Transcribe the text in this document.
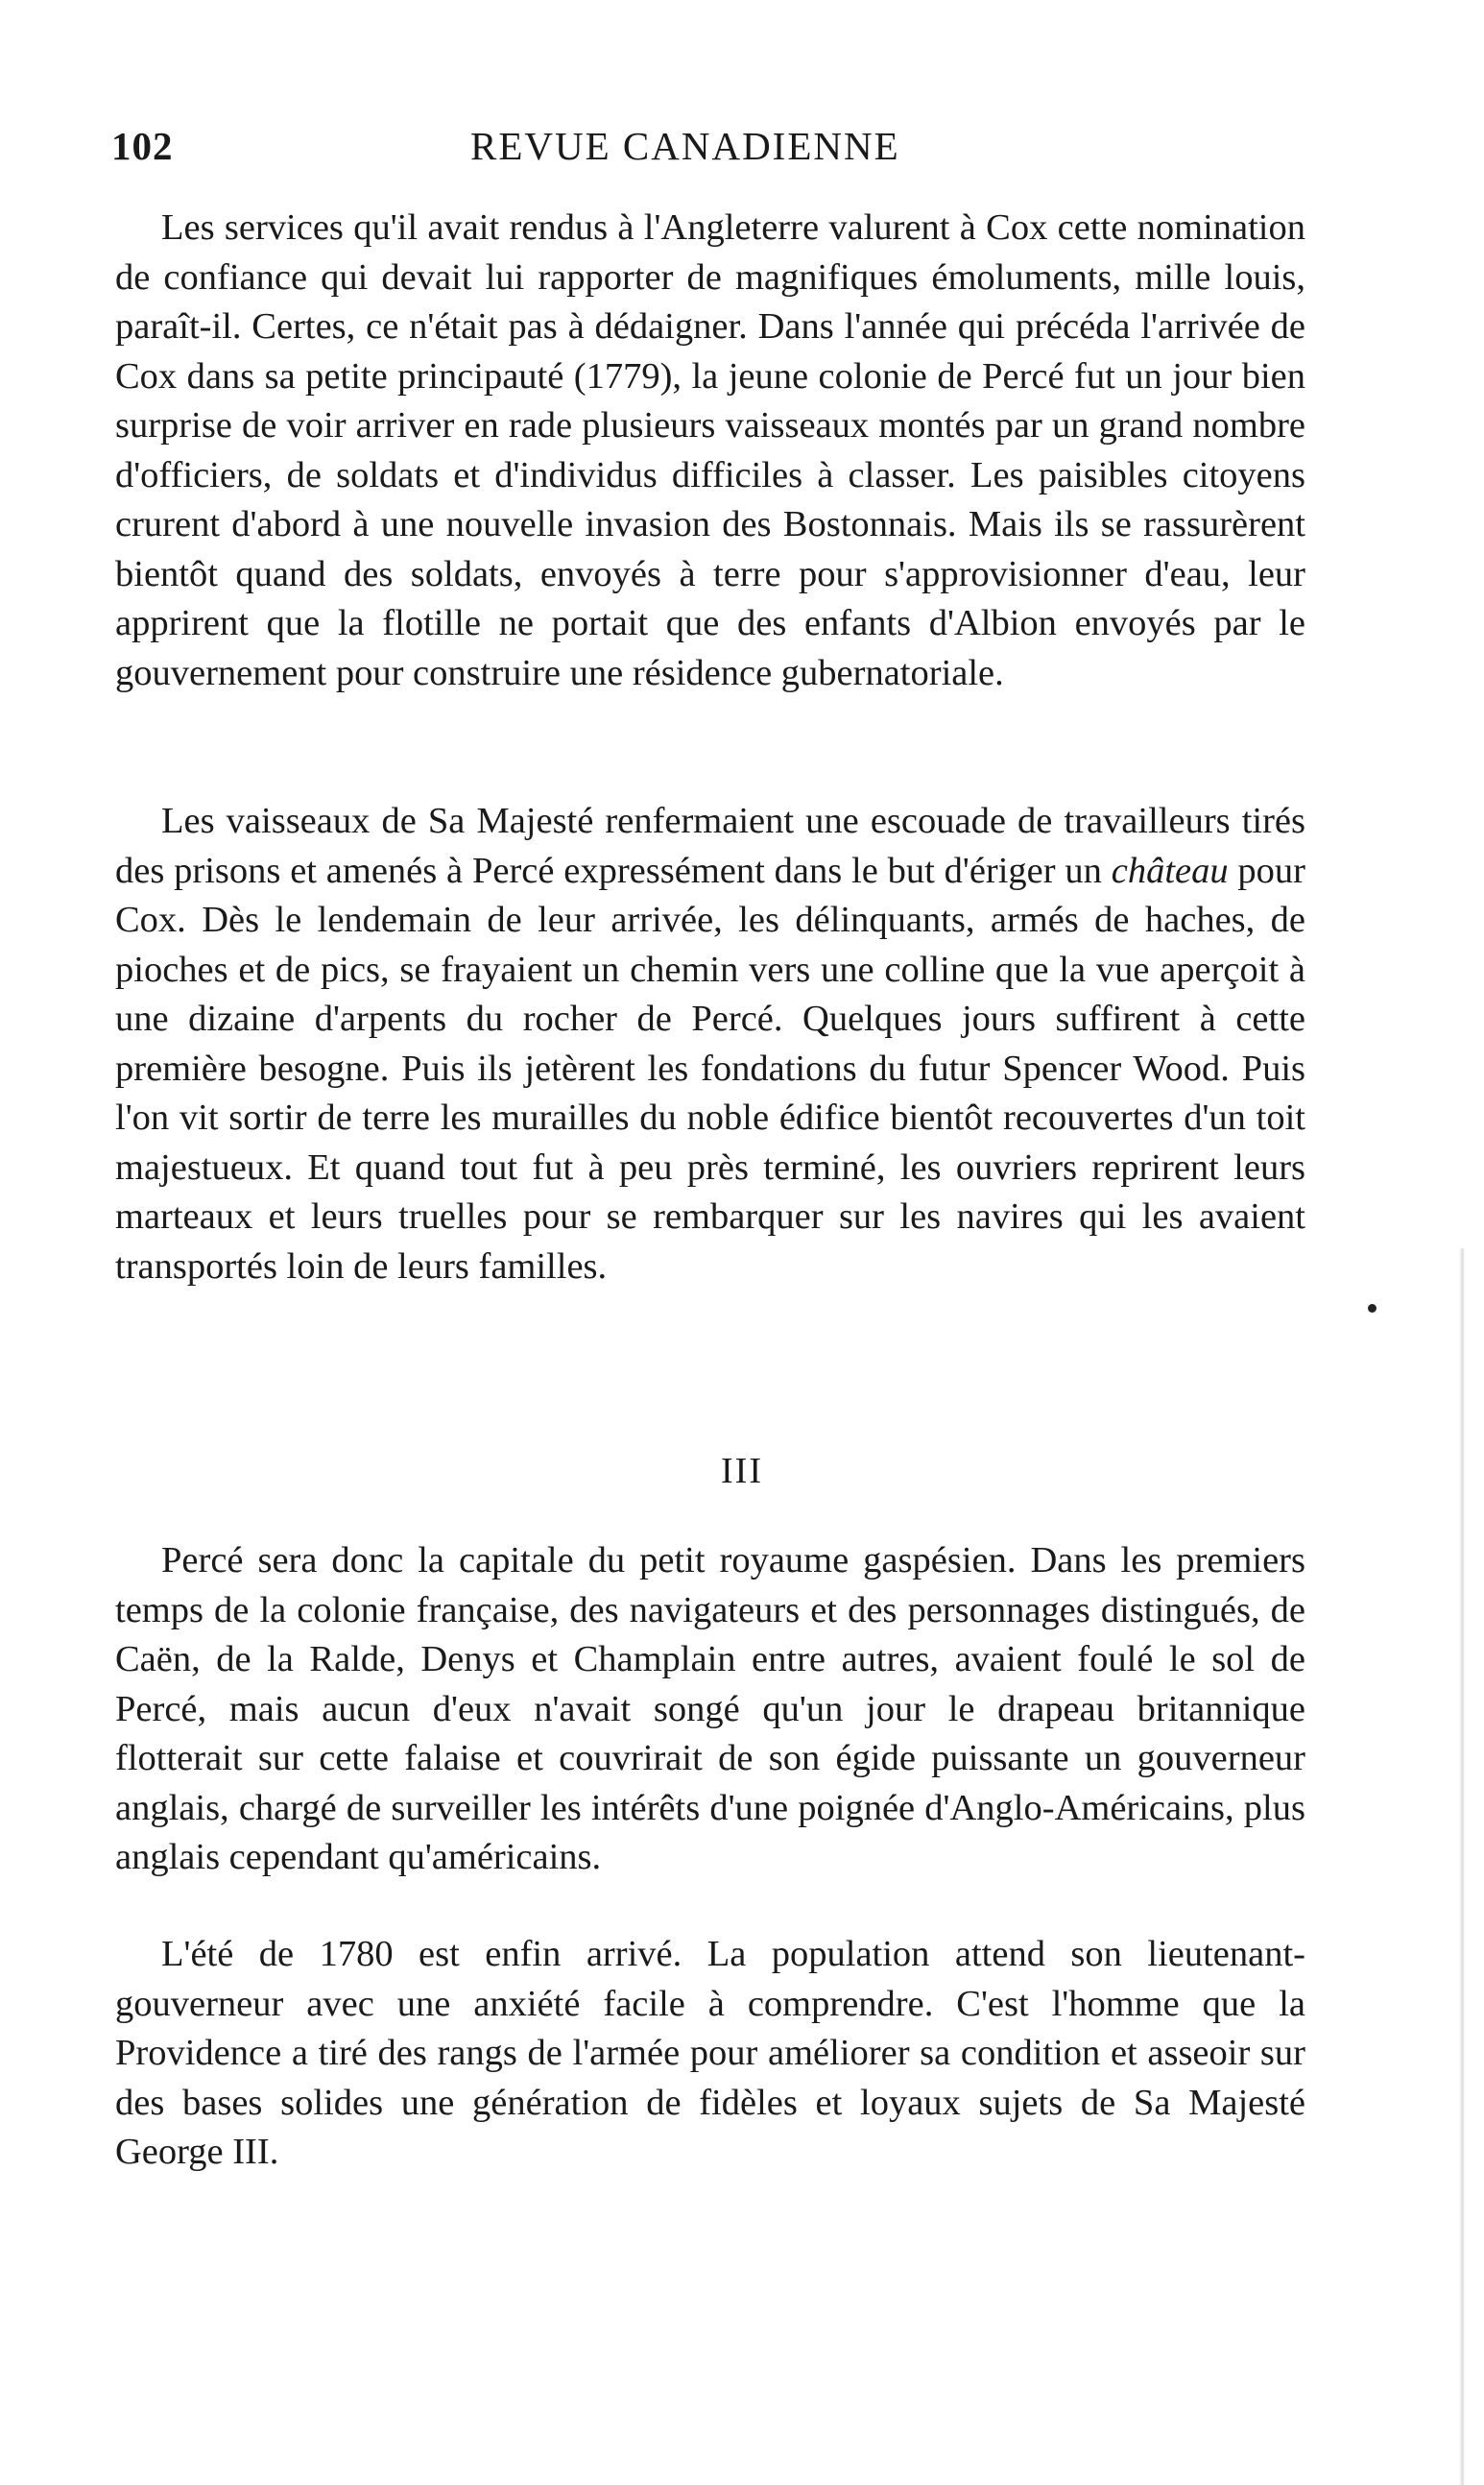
102	REVUE CANADIENNE

Les services qu'il avait rendus à l'Angleterre valurent à Cox cette nomination de confiance qui devait lui rapporter de magnifiques émoluments, mille louis, paraît-il. Certes, ce n'était pas à dédaigner. Dans l'année qui précéda l'arrivée de Cox dans sa petite principauté (1779), la jeune colonie de Percé fut un jour bien surprise de voir arriver en rade plusieurs vaisseaux montés par un grand nombre d'officiers, de soldats et d'individus difficiles à classer. Les paisibles citoyens crurent d'abord à une nouvelle invasion des Bostonnais. Mais ils se rassurèrent bientôt quand des soldats, envoyés à terre pour s'approvisionner d'eau, leur apprirent que la flotille ne portait que des enfants d'Albion envoyés par le gouvernement pour construire une résidence gubernatoriale.

Les vaisseaux de Sa Majesté renfermaient une escouade de travailleurs tirés des prisons et amenés à Percé expressément dans le but d'ériger un château pour Cox. Dès le lendemain de leur arrivée, les délinquants, armés de haches, de pioches et de pics, se frayaient un chemin vers une colline que la vue aperçoit à une dizaine d'arpents du rocher de Percé. Quelques jours suffirent à cette première besogne. Puis ils jetèrent les fondations du futur Spencer Wood. Puis l'on vit sortir de terre les murailles du noble édifice bientôt recouvertes d'un toit majestueux. Et quand tout fut à peu près terminé, les ouvriers reprirent leurs marteaux et leurs truelles pour se rembarquer sur les navires qui les avaient transportés loin de leurs familles.

III

Percé sera donc la capitale du petit royaume gaspésien. Dans les premiers temps de la colonie française, des navigateurs et des personnages distingués, de Caën, de la Ralde, Denys et Champlain entre autres, avaient foulé le sol de Percé, mais aucun d'eux n'avait songé qu'un jour le drapeau britannique flotterait sur cette falaise et couvrirait de son égide puissante un gouverneur anglais, chargé de surveiller les intérêts d'une poignée d'Anglo-Américains, plus anglais cependant qu'américains.

L'été de 1780 est enfin arrivé. La population attend son lieutenant-gouverneur avec une anxiété facile à comprendre. C'est l'homme que la Providence a tiré des rangs de l'armée pour améliorer sa condition et asseoir sur des bases solides une génération de fidèles et loyaux sujets de Sa Majesté George III.
